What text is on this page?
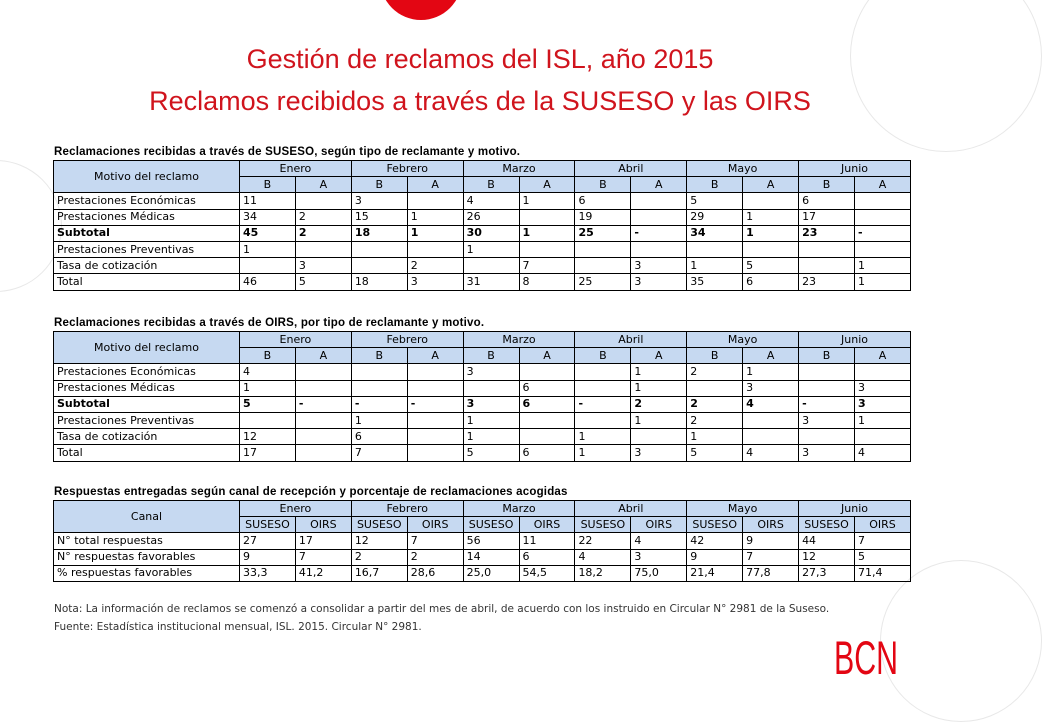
Gestión de reclamos del ISL, año 2015
Reclamos recibidos a través de la SUSESO y las OIRS
Reclamaciones recibidas a través de SUSESO, según tipo de reclamante y motivo.
Motivo del reclamo	Enero		Febrero		Marzo		Abril		Mayo		Junio	
	B	A	B	A	B	A	B	A	B	A	B	A
Prestaciones Económicas	11		3		4	1	6		5		6	
Prestaciones Médicas	34	2	15	1	26		19		29	1	17	
Subtotal	45	2	18	1	30	1	25	-	34	1	23	-
Prestaciones Preventivas	1				1							
Tasa de cotización		3		2		7		3	1	5		1
Total	46	5	18	3	31	8	25	3	35	6	23	1
Reclamaciones recibidas a través de OIRS, por tipo de reclamante y motivo.
Motivo del reclamo	Enero		Febrero		Marzo		Abril		Mayo		Junio	
	B	A	B	A	B	A	B	A	B	A	B	A
Prestaciones Económicas	4				3			1	2	1		
Prestaciones Médicas	1					6		1		3		3
Subtotal	5	-	-	-	3	6	-	2	2	4	-	3
Prestaciones Preventivas			1		1			1	2		3	1
Tasa de cotización	12		6		1		1		1			
Total	17		7		5	6	1	3	5	4	3	4
Respuestas entregadas según canal de recepción y porcentaje de reclamaciones acogidas
Canal	Enero		Febrero		Marzo		Abril		Mayo		Junio	
	SUSESO	OIRS	SUSESO	OIRS	SUSESO	OIRS	SUSESO	OIRS	SUSESO	OIRS	SUSESO	OIRS
N° total respuestas	27	17	12	7	56	11	22	4	42	9	44	7
N° respuestas favorables	9	7	2	2	14	6	4	3	9	7	12	5
% respuestas favorables	33,3	41,2	16,7	28,6	25,0	54,5	18,2	75,0	21,4	77,8	27,3	71,4
Nota: La información de reclamos se comenzó a consolidar a partir del mes de abril, de acuerdo con los instruido en Circular N° 2981 de la Suseso.
Fuente: Estadística institucional mensual, ISL. 2015. Circular N° 2981.
BCN
